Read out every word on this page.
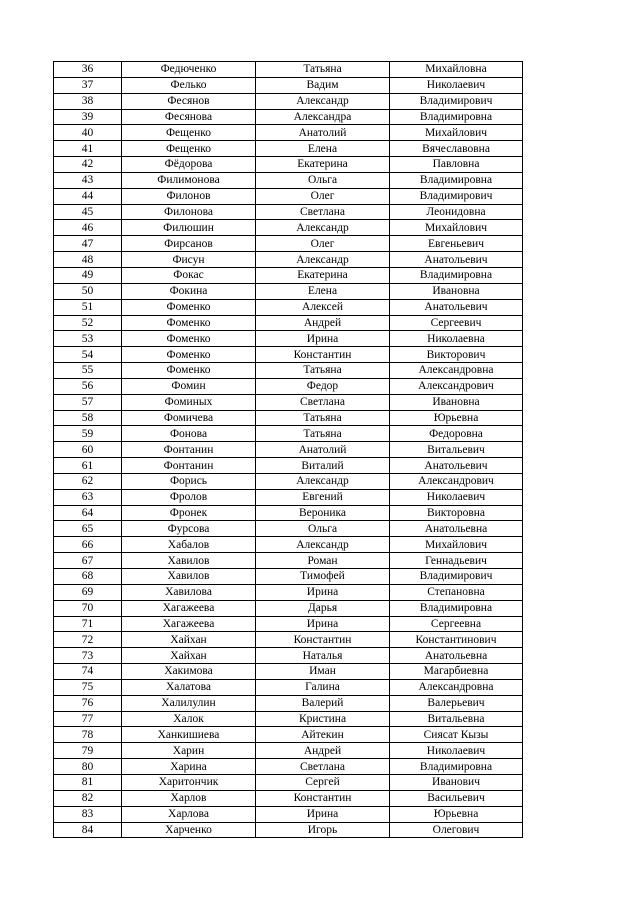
36	Федюченко	Татьяна	Михайловна
37	Фелько	Вадим	Николаевич
38	Фесянов	Александр	Владимирович
39	Фесянова	Александра	Владимировна
40	Фещенко	Анатолий	Михайлович
41	Фещенко	Елена	Вячеславовна
42	Фёдорова	Екатерина	Павловна
43	Филимонова	Ольга	Владимировна
44	Филонов	Олег	Владимирович
45	Филонова	Светлана	Леонидовна
46	Филюшин	Александр	Михайлович
47	Фирсанов	Олег	Евгеньевич
48	Фисун	Александр	Анатольевич
49	Фокас	Екатерина	Владимировна
50	Фокина	Елена	Ивановна
51	Фоменко	Алексей	Анатольевич
52	Фоменко	Андрей	Сергеевич
53	Фоменко	Ирина	Николаевна
54	Фоменко	Константин	Викторович
55	Фоменко	Татьяна	Александровна
56	Фомин	Федор	Александрович
57	Фоминых	Светлана	Ивановна
58	Фомичева	Татьяна	Юрьевна
59	Фонова	Татьяна	Федоровна
60	Фонтанин	Анатолий	Витальевич
61	Фонтанин	Виталий	Анатольевич
62	Форись	Александр	Александрович
63	Фролов	Евгений	Николаевич
64	Фронек	Вероника	Викторовна
65	Фурсова	Ольга	Анатольевна
66	Хабалов	Александр	Михайлович
67	Хавилов	Роман	Геннадьевич
68	Хавилов	Тимофей	Владимирович
69	Хавилова	Ирина	Степановна
70	Хагажеева	Дарья	Владимировна
71	Хагажеева	Ирина	Сергеевна
72	Хайхан	Константин	Константинович
73	Хайхан	Наталья	Анатольевна
74	Хакимова	Иман	Магарбиевна
75	Халатова	Галина	Александровна
76	Халилулин	Валерий	Валерьевич
77	Халок	Кристина	Витальевна
78	Ханкишиева	Айтекин	Сиясат Кызы
79	Харин	Андрей	Николаевич
80	Харина	Светлана	Владимировна
81	Харитончик	Сергей	Иванович
82	Харлов	Константин	Васильевич
83	Харлова	Ирина	Юрьевна
84	Харченко	Игорь	Олегович
